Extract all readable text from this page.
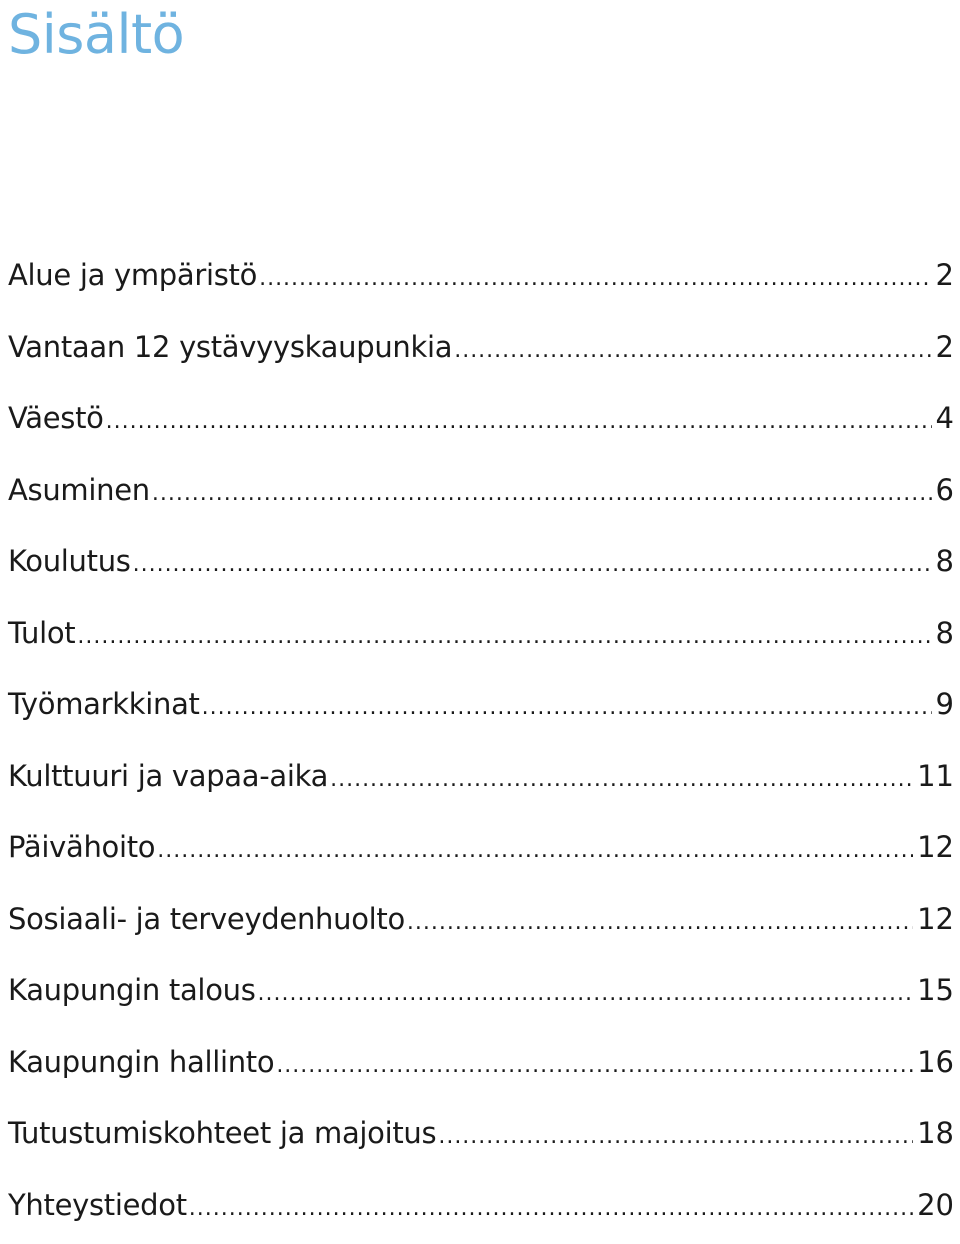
Sisältö
Alue ja ympäristö .....	2
Vantaan 12 ystävyyskaupunkia .....	2
Väestö .....	4
Asuminen .....	6
Koulutus .....	8
Tulot .....	8
Työmarkkinat .....	9
Kulttuuri ja vapaa-aika .....	11
Päivähoito .....	12
Sosiaali- ja terveydenhuolto .....	12
Kaupungin talous .....	15
Kaupungin hallinto .....	16
Tutustumiskohteet ja majoitus .....	18
Yhteystiedot .....	20
